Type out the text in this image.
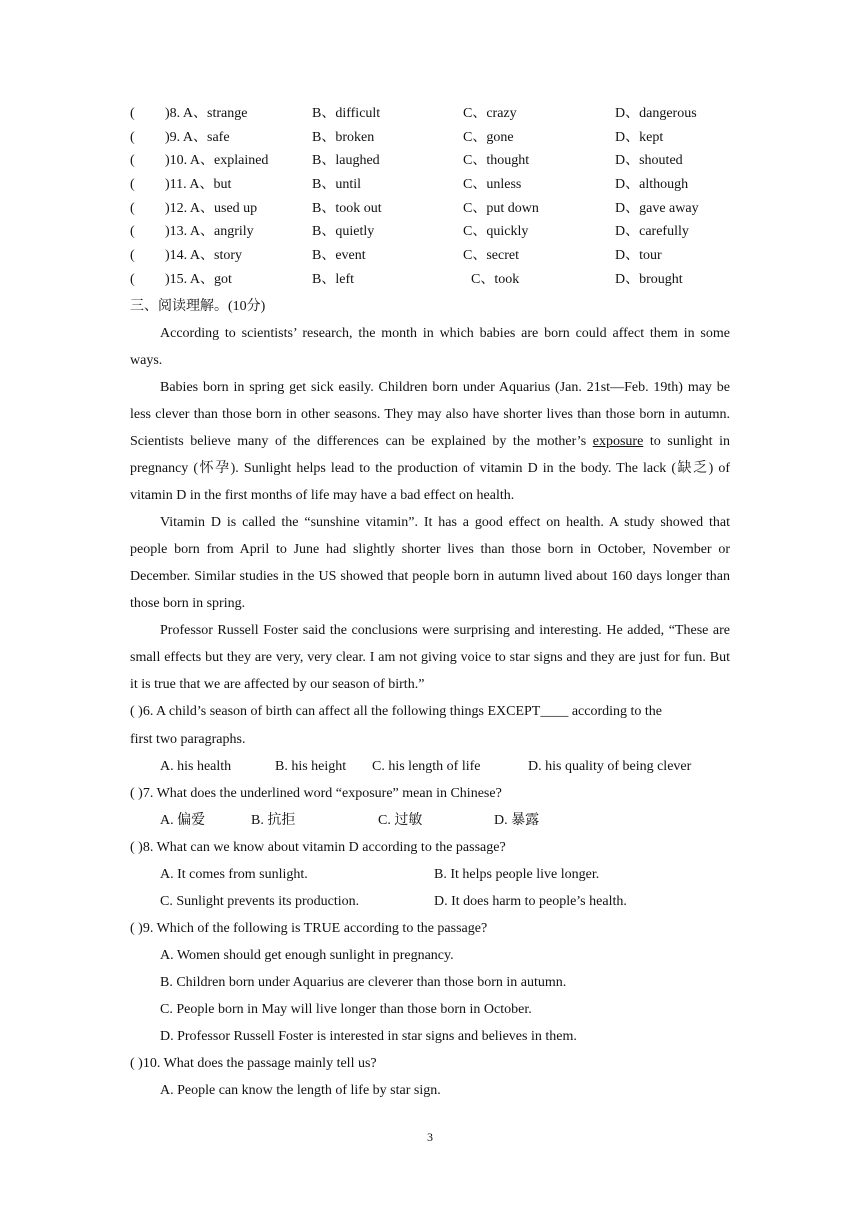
( )8. A、strange	B、difficult	C、crazy	D、dangerous
( )9. A、safe	B、broken	C、gone	D、kept
( )10. A、explained	B、laughed	C、thought	D、shouted
( )11. A、but	B、until	C、unless	D、although
( )12. A、used up	B、took out	C、put down	D、gave away
( )13. A、angrily	B、quietly	C、quickly	D、carefully
( )14. A、story	B、event	C、secret	D、tour
( )15. A、got	B、left	C、took	D、brought
三、阅读理解。(10分)

According to scientists’ research, the month in which babies are born could affect them in some ways.

Babies born in spring get sick easily. Children born under Aquarius (Jan. 21st—Feb. 19th) may be less clever than those born in other seasons. They may also have shorter lives than those born in autumn. Scientists believe many of the differences can be explained by the mother’s exposure to sunlight in pregnancy (怀孕). Sunlight helps lead to the production of vitamin D in the body. The lack (缺乏) of vitamin D in the first months of life may have a bad effect on health.

Vitamin D is called the “sunshine vitamin”. It has a good effect on health. A study showed that people born from April to June had slightly shorter lives than those born in October, November or December. Similar studies in the US showed that people born in autumn lived about 160 days longer than those born in spring.

Professor Russell Foster said the conclusions were surprising and interesting. He added, “These are small effects but they are very, very clear. I am not giving voice to star signs and they are just for fun. But it is true that we are affected by our season of birth.”

( )6. A child’s season of birth can affect all the following things EXCEPT____ according to the
first two paragraphs.
A. his health	B. his height C. his length of life	D. his quality of being clever
( )7. What does the underlined word “exposure” mean in Chinese?
A. 偏爱	B. 抗拒	C. 过敏	D. 暴露
( )8. What can we know about vitamin D according to the passage?
A. It comes from sunlight.	B. It helps people live longer.
C. Sunlight prevents its production.	D. It does harm to people’s health.
( )9. Which of the following is TRUE according to the passage?
A. Women should get enough sunlight in pregnancy.
B. Children born under Aquarius are cleverer than those born in autumn.
C. People born in May will live longer than those born in October.
D. Professor Russell Foster is interested in star signs and believes in them.
( )10. What does the passage mainly tell us?
A. People can know the length of life by star sign.
3
